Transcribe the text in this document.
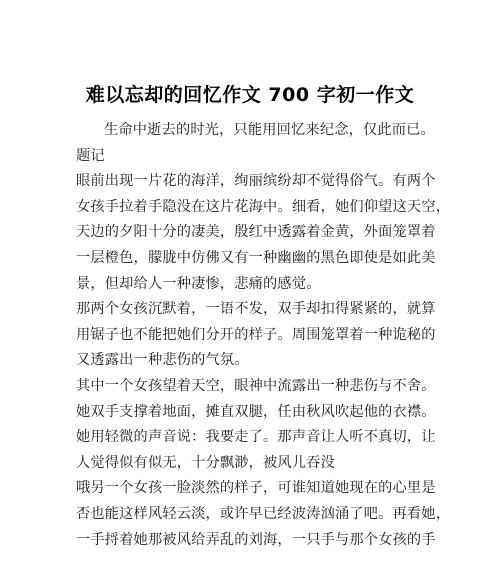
难以忘却的回忆作文 700 字初一作文
生命中逝去的时光，只能用回忆来纪念，仅此而已。
题记
眼前出现一片花的海洋，绚丽缤纷却不觉得俗气。有两个
女孩手拉着手隐没在这片花海中。细看，她们仰望这天空，
天边的夕阳十分的凄美，殷红中透露着金黄，外面笼罩着
一层橙色，朦胧中仿佛又有一种幽幽的黑色即使是如此美
景，但却给人一种凄惨，悲痛的感觉。
那两个女孩沉默着，一语不发，双手却扣得紧紧的，就算
用锯子也不能把她们分开的样子。周围笼罩着一种诡秘的
又透露出一种悲伤的气氛。
其中一个女孩望着天空，眼神中流露出一种悲伤与不舍。
她双手支撑着地面，摊直双腿，任由秋风吹起他的衣襟。
她用轻微的声音说：我要走了。那声音让人听不真切，让
人觉得似有似无，十分飘渺，被风儿吞没
哦另一个女孩一脸淡然的样子，可谁知道她现在的心里是
否也能这样风轻云淡，或许早已经波涛汹涌了吧。再看她，
一手捋着她那被风给弄乱的刘海，一只手与那个女孩的手
